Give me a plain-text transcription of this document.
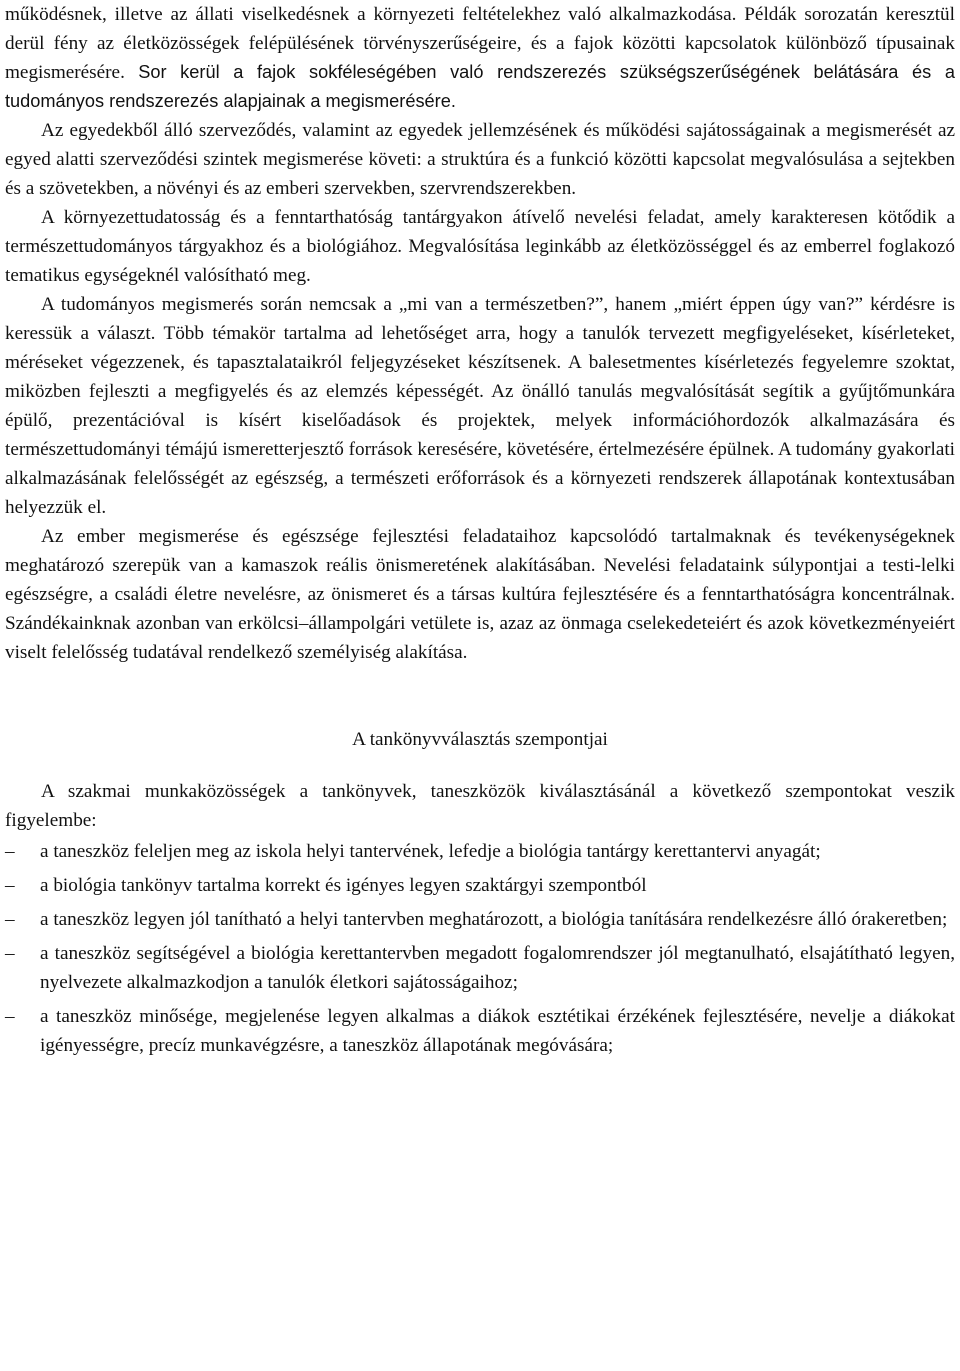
működésnek, illetve az állati viselkedésnek a környezeti feltételekhez való alkalmazkodása. Példák sorozatán keresztül derül fény az életközösségek felépülésének törvényszerűségeire, és a fajok közötti kapcsolatok különböző típusainak megismerésére. Sor kerül a fajok sokféleségében való rendszerezés szükségszerűségének belátására és a tudományos rendszerezés alapjainak a megismerésére.

Az egyedekből álló szerveződés, valamint az egyedek jellemzésének és működési sajátosságainak a megismerését az egyed alatti szerveződési szintek megismerése követi: a struktúra és a funkció közötti kapcsolat megvalósulása a sejtekben és a szövetekben, a növényi és az emberi szervekben, szervrendszerekben.

A környezettudatosság és a fenntarthatóság tantárgyakon átívelő nevelési feladat, amely karakteresen kötődik a természettudományos tárgyakhoz és a biológiához. Megvalósítása leginkább az életközösséggel és az emberrel foglakozó tematikus egységeknél valósítható meg.

A tudományos megismerés során nemcsak a „mi van a természetben?”, hanem „miért éppen úgy van?” kérdésre is keressük a választ. Több témakör tartalma ad lehetőséget arra, hogy a tanulók tervezett megfigyeléseket, kísérleteket, méréseket végezzenek, és tapasztalataikról feljegyzéseket készítsenek. A balesetmentes kísérletezés fegyelemre szoktat, miközben fejleszti a megfigyelés és az elemzés képességét. Az önálló tanulás megvalósítását segítik a gyűjtőmunkára épülő, prezentációval is kísért kiselőadások és projektek, melyek információhordozók alkalmazására és természettudományi témájú ismeretterjesztő források keresésére, követésére, értelmezésére épülnek. A tudomány gyakorlati alkalmazásának felelősségét az egészség, a természeti erőforrások és a környezeti rendszerek állapotának kontextusában helyezzük el.

Az ember megismerése és egészsége fejlesztési feladataihoz kapcsolódó tartalmaknak és tevékenységeknek meghatározó szerepük van a kamaszok reális önismeretének alakításában. Nevelési feladataink súlypontjai a testi-lelki egészségre, a családi életre nevelésre, az önismeret és a társas kultúra fejlesztésére és a fenntarthatóságra koncentrálnak. Szándékainknak azonban van erkölcsi–állampolgári vetülete is, azaz az önmaga cselekedeteiért és azok következményeiért viselt felelősség tudatával rendelkező személyiség alakítása.

A tankönyvválasztás szempontjai

A szakmai munkaközösségek a tankönyvek, taneszközök kiválasztásánál a következő szempontokat veszik figyelembe:

– a taneszköz feleljen meg az iskola helyi tantervének, lefedje a biológia tantárgy kerettantervi anyagát;
– a biológia tankönyv tartalma korrekt és igényes legyen szaktárgyi szempontból
– a taneszköz legyen jól tanítható a helyi tantervben meghatározott, a biológia tanítására rendelkezésre álló órakeretben;
– a taneszköz segítségével a biológia kerettantervben megadott fogalomrendszer jól megtanulható, elsajátítható legyen, nyelvezete alkalmazkodjon a tanulók életkori sajátosságaihoz;
– a taneszköz minősége, megjelenése legyen alkalmas a diákok esztétikai érzékének fejlesztésére, nevelje a diákokat igényességre, precíz munkavégzésre, a taneszköz állapotának megóvására;
